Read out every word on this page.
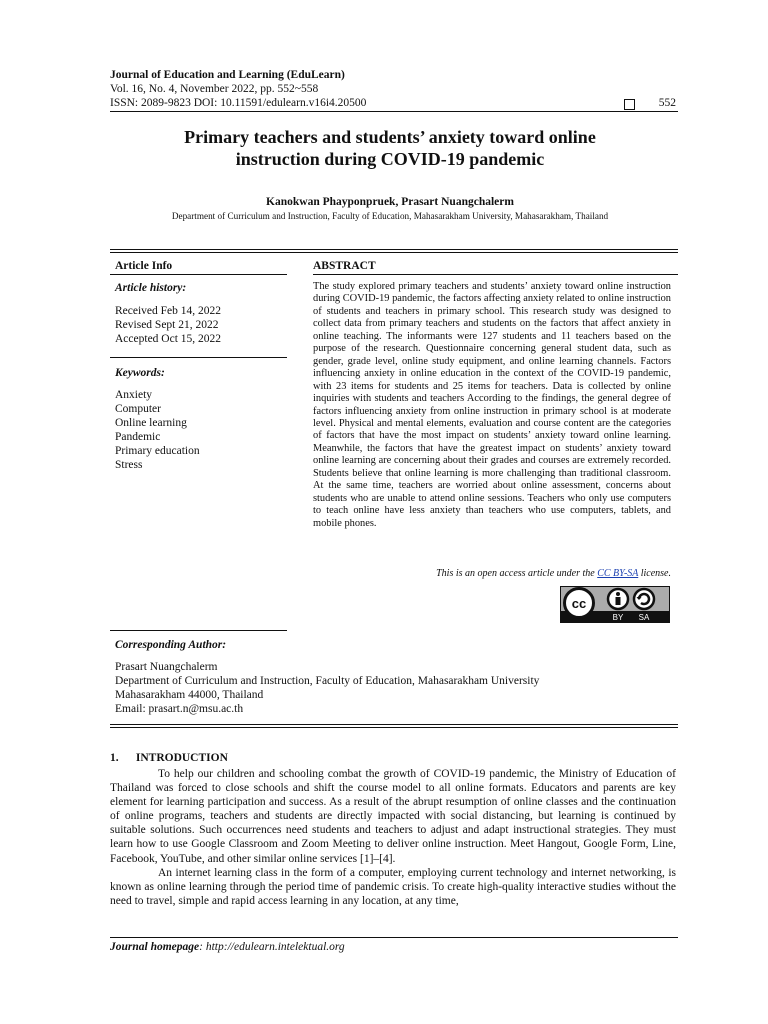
Journal of Education and Learning (EduLearn)
Vol. 16, No. 4, November 2022, pp. 552~558
ISSN: 2089-9823 DOI: 10.11591/edulearn.v16i4.20500	552
Primary teachers and students’ anxiety toward online
instruction during COVID-19 pandemic
Kanokwan Phayponpruek, Prasart Nuangchalerm
Department of Curriculum and Instruction, Faculty of Education, Mahasarakham University, Mahasarakham, Thailand
Article Info
Article history:
Received Feb 14, 2022
Revised Sept 21, 2022
Accepted Oct 15, 2022
Keywords:
Anxiety
Computer
Online learning
Pandemic
Primary education
Stress
ABSTRACT
The study explored primary teachers and students’ anxiety toward online instruction during COVID-19 pandemic, the factors affecting anxiety related to online instruction of students and teachers in primary school. This research study was designed to collect data from primary teachers and students on the factors that affect anxiety in online teaching. The informants were 127 students and 11 teachers based on the purpose of the research. Questionnaire concerning general student data, such as gender, grade level, online study equipment, and online learning channels. Factors influencing anxiety in online education in the context of the COVID-19 pandemic, with 23 items for students and 25 items for teachers. Data is collected by online inquiries with students and teachers According to the findings, the general degree of factors influencing anxiety from online instruction in primary school is at moderate level. Physical and mental elements, evaluation and course content are the categories of factors that have the most impact on students’ anxiety toward online learning. Meanwhile, the factors that have the greatest impact on students’ anxiety toward online learning are concerning about their grades and courses are extremely recorded. Students believe that online learning is more challenging than traditional classroom. At the same time, teachers are worried about online assessment, concerns about students who are unable to attend online sessions. Teachers who only use computers to teach online have less anxiety than teachers who use computers, tablets, and mobile phones.
This is an open access article under the CC BY-SA license.
cc
BY SA
Corresponding Author:
Prasart Nuangchalerm
Department of Curriculum and Instruction, Faculty of Education, Mahasarakham University
Mahasarakham 44000, Thailand
Email: prasart.n@msu.ac.th
1.      INTRODUCTION

To help our children and schooling combat the growth of COVID-19 pandemic, the Ministry of Education of Thailand was forced to close schools and shift the course model to all online formats. Educators and parents are key element for learning participation and success. As a result of the abrupt resumption of online classes and the continuation of online programs, teachers and students are directly impacted with social distancing, but learning is continued by suitable solutions. Such occurrences need students and teachers to adjust and adapt instructional strategies. They must learn how to use Google Classroom and Zoom Meeting to deliver online instruction. Meet Hangout, Google Form, Line, Facebook, YouTube, and other similar online services [1]–[4].

An internet learning class in the form of a computer, employing current technology and internet networking, is known as online learning through the period time of pandemic crisis. To create high-quality interactive studies without the need to travel, simple and rapid access learning in any location, at any time,

Journal homepage: http://edulearn.intelektual.org
